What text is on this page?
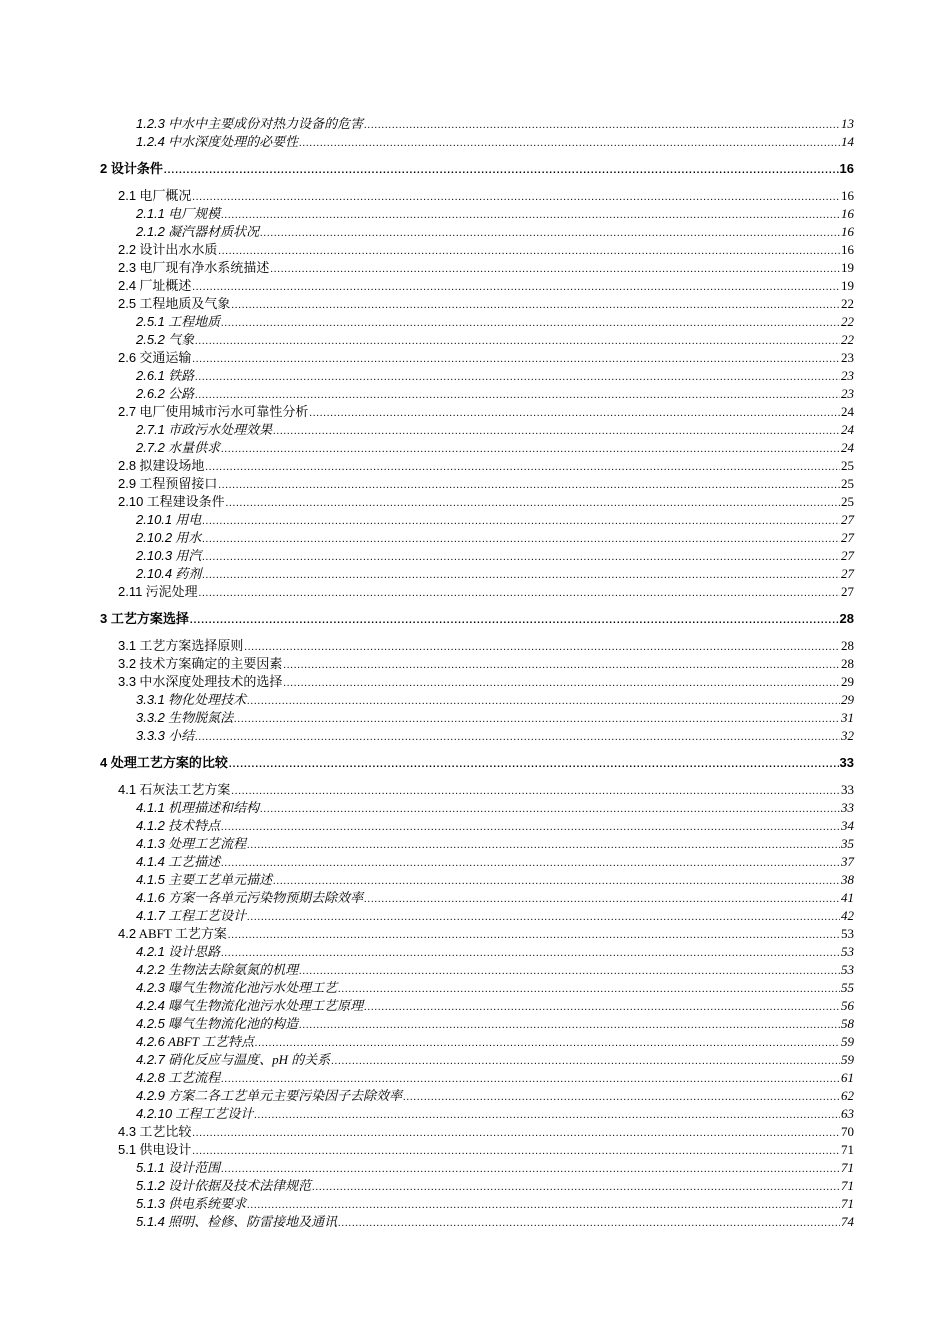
1.2.3 中水中主要成份对热力设备的危害 .....	13
1.2.4 中水深度处理的必要性 .....	14
2 设计条件 .....	16
2.1 电厂概况 .....	16
2.1.1 电厂规模 .....	16
2.1.2 凝汽器材质状况 .....	16
2.2 设计出水水质 .....	16
2.3 电厂现有净水系统描述 .....	19
2.4 厂址概述 .....	19
2.5 工程地质及气象 .....	22
2.5.1 工程地质 .....	22
2.5.2 气象 .....	22
2.6 交通运输 .....	23
2.6.1 铁路 .....	23
2.6.2 公路 .....	23
2.7 电厂使用城市污水可靠性分析 .....	24
2.7.1 市政污水处理效果 .....	24
2.7.2 水量供求 .....	24
2.8 拟建设场地 .....	25
2.9 工程预留接口 .....	25
2.10 工程建设条件 .....	25
2.10.1 用电 .....	27
2.10.2 用水 .....	27
2.10.3 用汽 .....	27
2.10.4 药剂 .....	27
2.11 污泥处理 .....	27
3 工艺方案选择 .....	28
3.1 工艺方案选择原则 .....	28
3.2 技术方案确定的主要因素 .....	28
3.3 中水深度处理技术的选择 .....	29
3.3.1 物化处理技术 .....	29
3.3.2 生物脱氮法 .....	31
3.3.3 小结 .....	32
4 处理工艺方案的比较 .....	33
4.1 石灰法工艺方案 .....	33
4.1.1 机理描述和结构 .....	33
4.1.2 技术特点 .....	34
4.1.3 处理工艺流程 .....	35
4.1.4 工艺描述 .....	37
4.1.5 主要工艺单元描述 .....	38
4.1.6 方案一各单元污染物预期去除效率 .....	41
4.1.7 工程工艺设计 .....	42
4.2 ABFT 工艺方案 .....	53
4.2.1 设计思路 .....	53
4.2.2 生物法去除氨氮的机理 .....	53
4.2.3 曝气生物流化池污水处理工艺 .....	55
4.2.4 曝气生物流化池污水处理工艺原理 .....	56
4.2.5 曝气生物流化池的构造 .....	58
4.2.6 ABFT 工艺特点 .....	59
4.2.7 硝化反应与温度、pH 的关系 .....	59
4.2.8 工艺流程 .....	61
4.2.9 方案二各工艺单元主要污染因子去除效率 .....	62
4.2.10 工程工艺设计 .....	63
4.3 工艺比较 .....	70
5.1 供电设计 .....	71
5.1.1 设计范围 .....	71
5.1.2 设计依据及技术法律规范 .....	71
5.1.3 供电系统要求 .....	71
5.1.4 照明、检修、防雷接地及通讯 .....	74
